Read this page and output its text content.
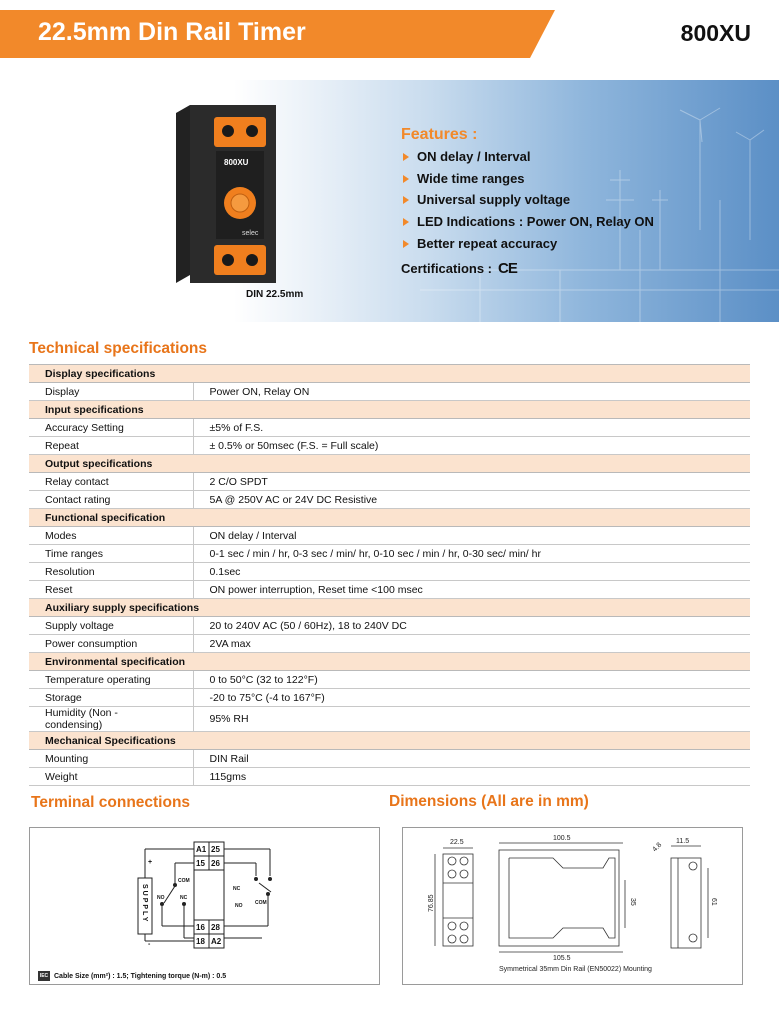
22.5mm Din Rail Timer	800XU
800XU
selec
DIN 22.5mm
Features :
ON delay / Interval
Wide time ranges
Universal supply voltage
LED Indications : Power ON, Relay ON
Better repeat accuracy
Certifications : CE
Technical specifications
Display specifications	
Display	Power ON, Relay ON
Input specifications	
Accuracy Setting	±5% of F.S.
Repeat	± 0.5% or 50msec (F.S. = Full scale)
Output specifications	
Relay contact	2 C/O SPDT
Contact rating	5A @ 250V AC or 24V DC Resistive
Functional specification	
Modes	ON delay / Interval
Time ranges	0-1 sec / min / hr, 0-3 sec / min/ hr, 0-10 sec / min / hr, 0-30 sec/ min/ hr
Resolution	0.1sec
Reset	ON power interruption, Reset time <100 msec
Auxiliary supply specifications	
Supply voltage	20 to 240V AC (50 / 60Hz), 18 to 240V DC
Power consumption	2VA max
Environmental specification	
Temperature operating	0 to 50°C (32 to 122°F)
Storage	-20 to 75°C (-4 to 167°F)
Humidity (Non - condensing)	95% RH
Mechanical Specifications	
Mounting	DIN Rail
Weight	115gms
Terminal connections
A1 25
15 26
16 28
18 A2
+
-
SUPPLY
COM
NO	NC
NC
NO	COM
IEC Cable Size (mm²) : 1.5; Tightening torque (N-m) : 0.5
Dimensions (All are in mm)
22.5
76.85
100.5
35
105.5
11.5
4.8
61
Symmetrical 35mm Din Rail (EN50022) Mounting
